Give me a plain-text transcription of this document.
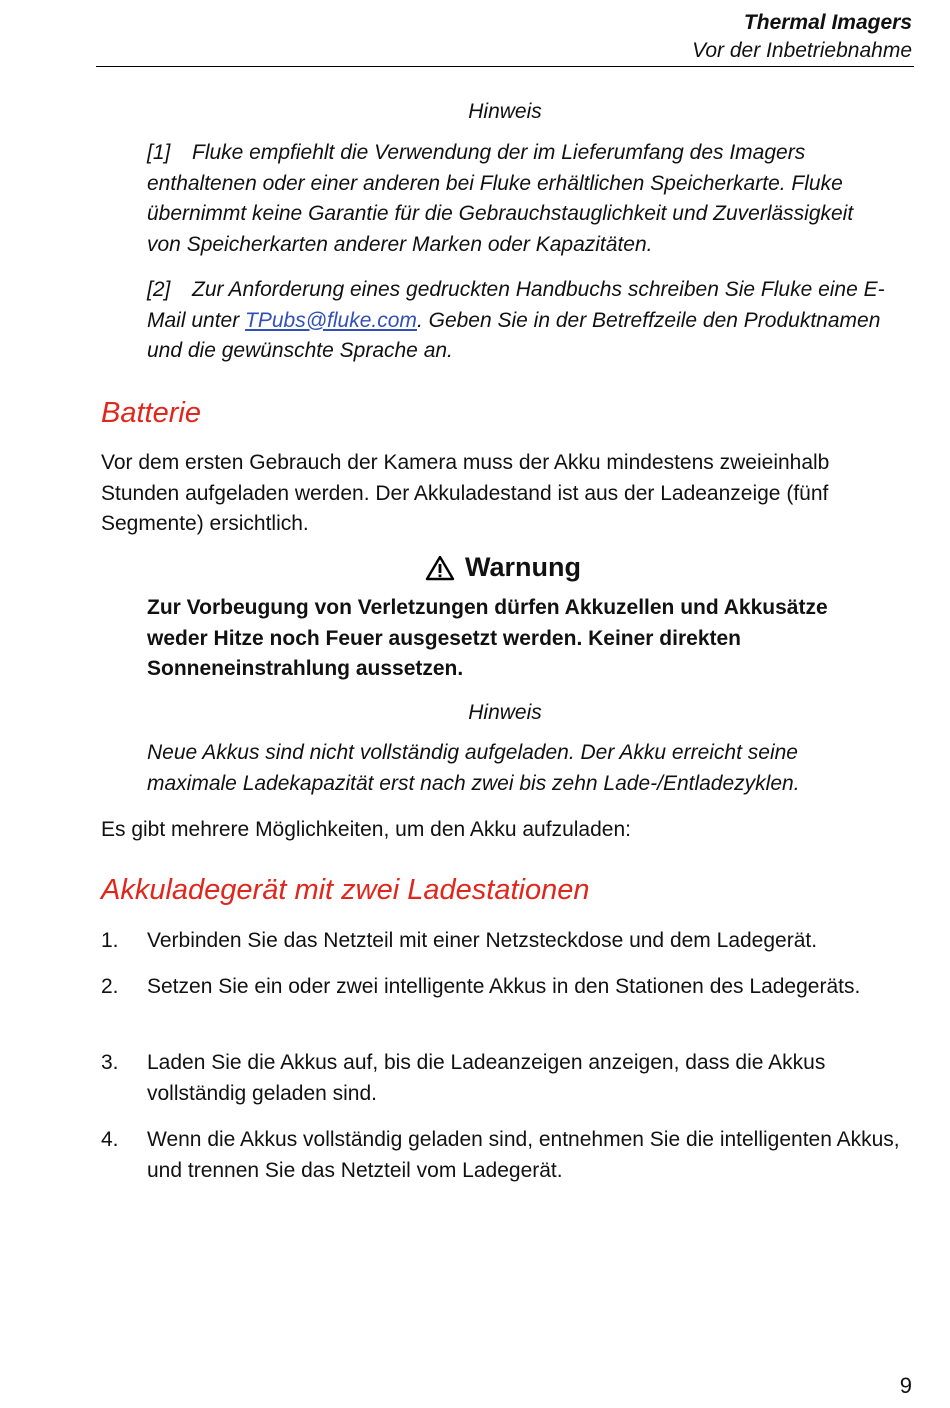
Thermal Imagers
Vor der Inbetriebnahme
Hinweis
[1] Fluke empfiehlt die Verwendung der im Lieferumfang des Imagers enthaltenen oder einer anderen bei Fluke erhältlichen Speicherkarte. Fluke übernimmt keine Garantie für die Gebrauchstauglichkeit und Zuverlässigkeit von Speicherkarten anderer Marken oder Kapazitäten.
[2] Zur Anforderung eines gedruckten Handbuchs schreiben Sie Fluke eine E-Mail unter TPubs@fluke.com. Geben Sie in der Betreffzeile den Produktnamen und die gewünschte Sprache an.
Batterie
Vor dem ersten Gebrauch der Kamera muss der Akku mindestens zweieinhalb Stunden aufgeladen werden. Der Akkuladestand ist aus der Ladeanzeige (fünf Segmente) ersichtlich.
Warnung
Zur Vorbeugung von Verletzungen dürfen Akkuzellen und Akkusätze weder Hitze noch Feuer ausgesetzt werden. Keiner direkten Sonneneinstrahlung aussetzen.
Hinweis
Neue Akkus sind nicht vollständig aufgeladen. Der Akku erreicht seine maximale Ladekapazität erst nach zwei bis zehn Lade-/Entladezyklen.
Es gibt mehrere Möglichkeiten, um den Akku aufzuladen:
Akkuladegerät mit zwei Ladestationen
1.	Verbinden Sie das Netzteil mit einer Netzsteckdose und dem Ladegerät.
2.	Setzen Sie ein oder zwei intelligente Akkus in den Stationen des Ladegeräts.
3.	Laden Sie die Akkus auf, bis die Ladeanzeigen anzeigen, dass die Akkus vollständig geladen sind.
4.	Wenn die Akkus vollständig geladen sind, entnehmen Sie die intelligenten Akkus, und trennen Sie das Netzteil vom Ladegerät.
9
